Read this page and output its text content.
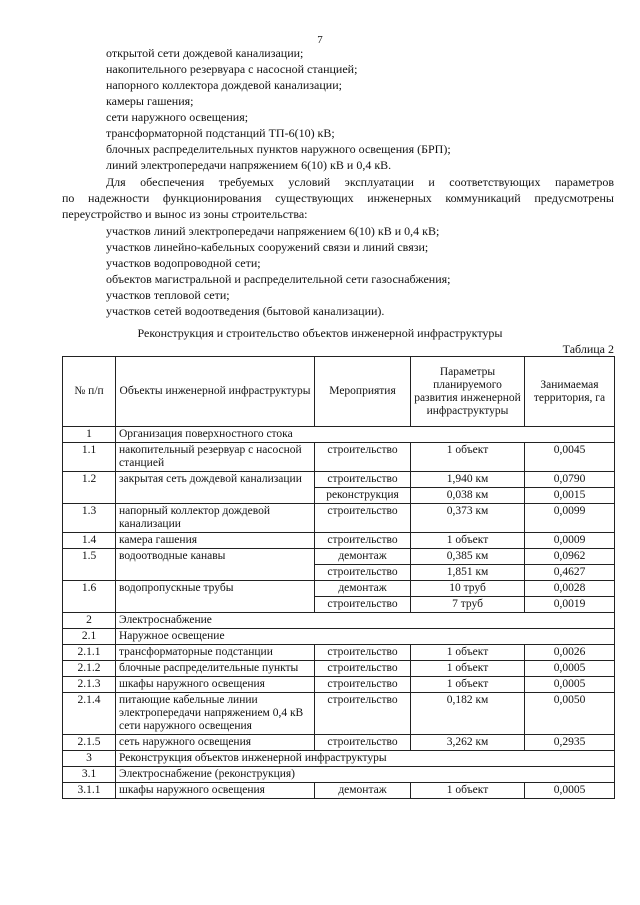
7
открытой сети дождевой канализации;
накопительного резервуара с насосной станцией;
напорного коллектора дождевой канализации;
камеры гашения;
сети наружного освещения;
трансформаторной подстанций ТП-6(10) кВ;
блочных распределительных пунктов наружного освещения (БРП);
линий электропередачи напряжением 6(10) кВ и 0,4 кВ.
Для обеспечения требуемых условий эксплуатации и соответствующих параметров
по надежности функционирования существующих инженерных коммуникаций предусмотрены
переустройство и вынос из зоны строительства:
участков линий электропередачи напряжением 6(10) кВ и 0,4 кВ;
участков линейно-кабельных сооружений связи и линий связи;
участков водопроводной сети;
объектов магистральной и распределительной сети газоснабжения;
участков тепловой сети;
участков сетей водоотведения (бытовой канализации).
Реконструкция и строительство объектов инженерной инфраструктуры
Таблица 2
№ п/п	Объекты инженерной инфраструктуры	Мероприятия	Параметры планируемого развития инженерной инфраструктуры	Занимаемая территория, га
1	Организация поверхностного стока			
1.1	накопительный резервуар с насосной станцией	строительство	1 объект	0,0045
1.2	закрытая сеть дождевой канализации	строительство	1,940 км	0,0790
		реконструкция	0,038 км	0,0015
1.3	напорный коллектор дождевой канализации	строительство	0,373 км	0,0099
1.4	камера гашения	строительство	1 объект	0,0009
1.5	водоотводные канавы	демонтаж	0,385 км	0,0962
		строительство	1,851 км	0,4627
1.6	водопропускные трубы	демонтаж	10 труб	0,0028
		строительство	7 труб	0,0019
2	Электроснабжение			
2.1	Наружное освещение			
2.1.1	трансформаторные подстанции	строительство	1 объект	0,0026
2.1.2	блочные распределительные пункты	строительство	1 объект	0,0005
2.1.3	шкафы наружного освещения	строительство	1 объект	0,0005
2.1.4	питающие кабельные линии электропередачи напряжением 0,4 кВ сети наружного освещения	строительство	0,182 км	0,0050
2.1.5	сеть наружного освещения	строительство	3,262 км	0,2935
3	Реконструкция объектов инженерной инфраструктуры			
3.1	Электроснабжение (реконструкция)			
3.1.1	шкафы наружного освещения	демонтаж	1 объект	0,0005
